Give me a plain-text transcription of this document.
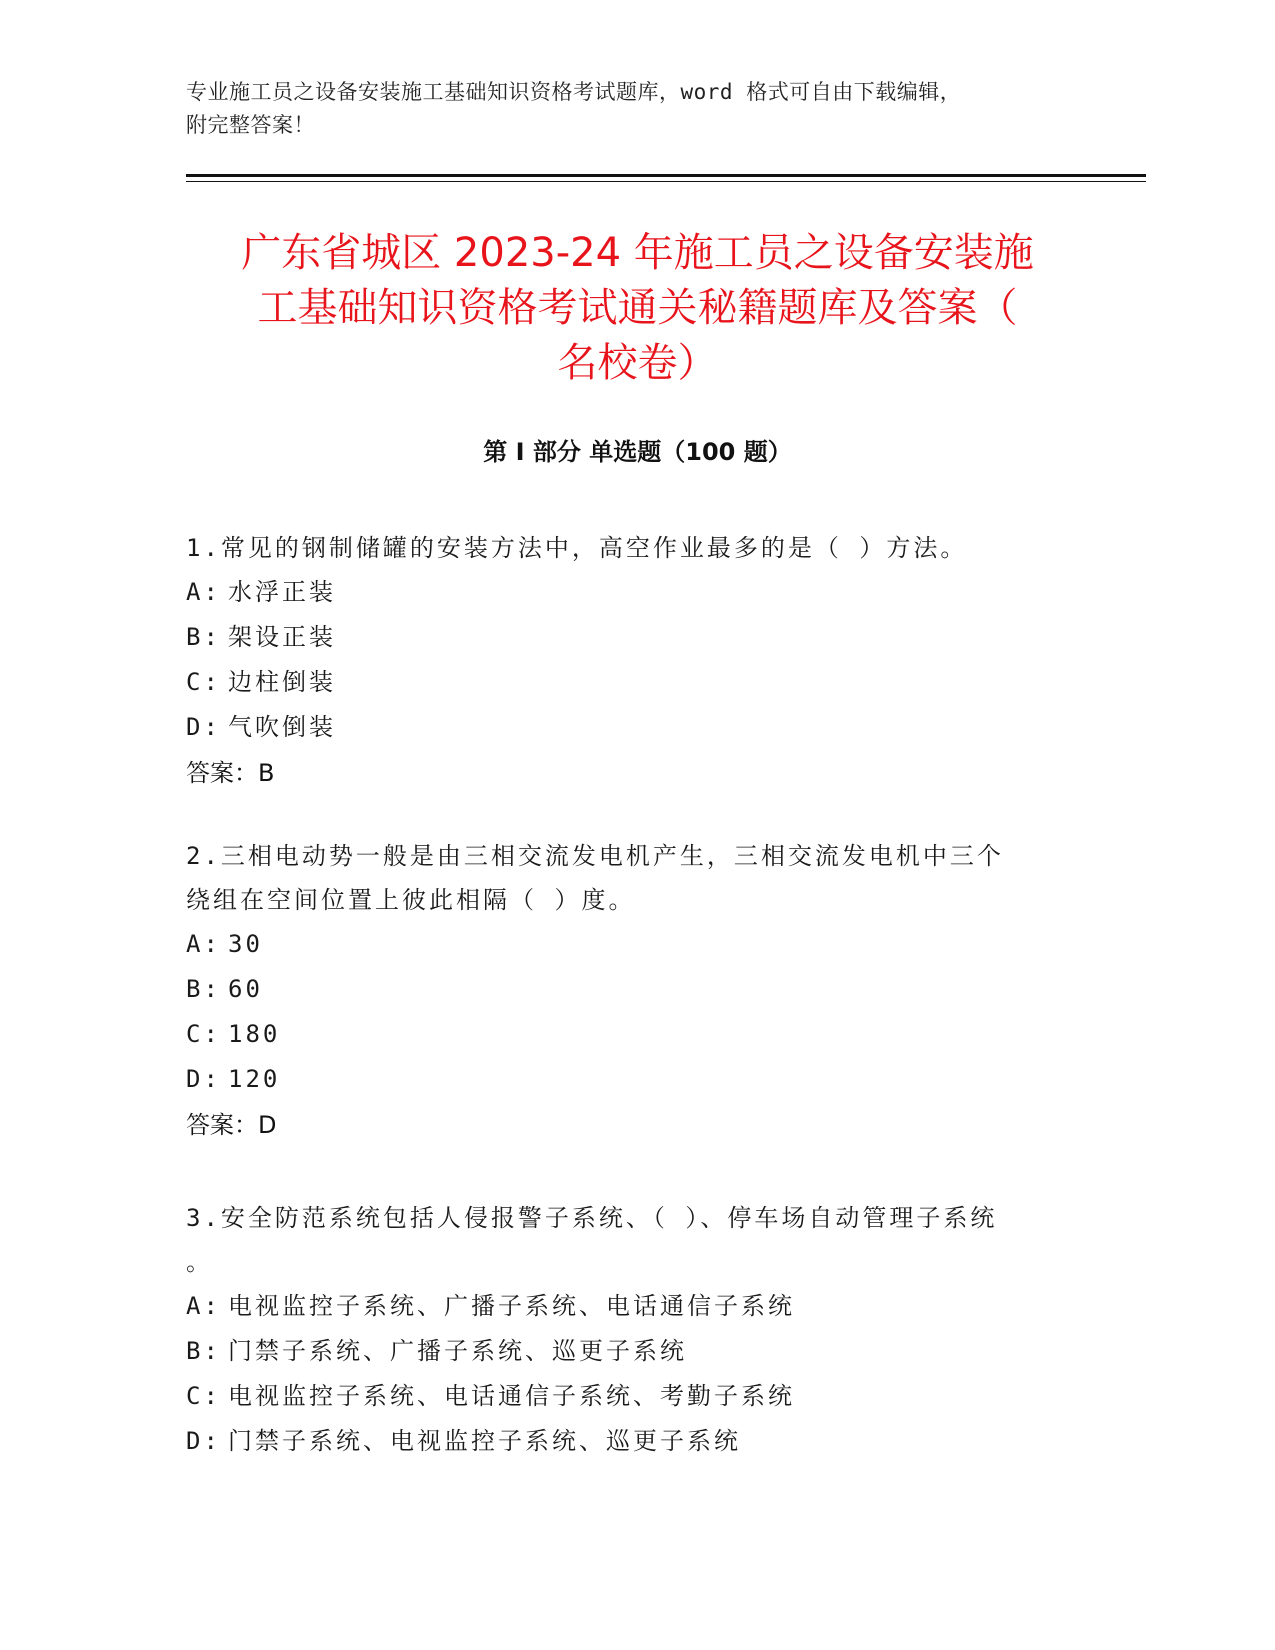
专业施工员之设备安装施工基础知识资格考试题库，word 格式可自由下载编辑，
附完整答案！
广东省城区 2023-24 年施工员之设备安装施
工基础知识资格考试通关秘籍题库及答案（
名校卷）
第 I 部分 单选题（100 题）

1.常见的钢制储罐的安装方法中，高空作业最多的是（ ）方法。

A: 水浮正装

B: 架设正装

C: 边柱倒装

D: 气吹倒装

答案：B

2.三相电动势一般是由三相交流发电机产生，三相交流发电机中三个

绕组在空间位置上彼此相隔（ ）度。

A: 30

B: 60

C: 180

D: 120

答案：D

3.安全防范系统包括人侵报警子系统、（ ）、停车场自动管理子系统

。

A: 电视监控子系统、广播子系统、电话通信子系统

B: 门禁子系统、广播子系统、巡更子系统

C: 电视监控子系统、电话通信子系统、考勤子系统

D: 门禁子系统、电视监控子系统、巡更子系统
